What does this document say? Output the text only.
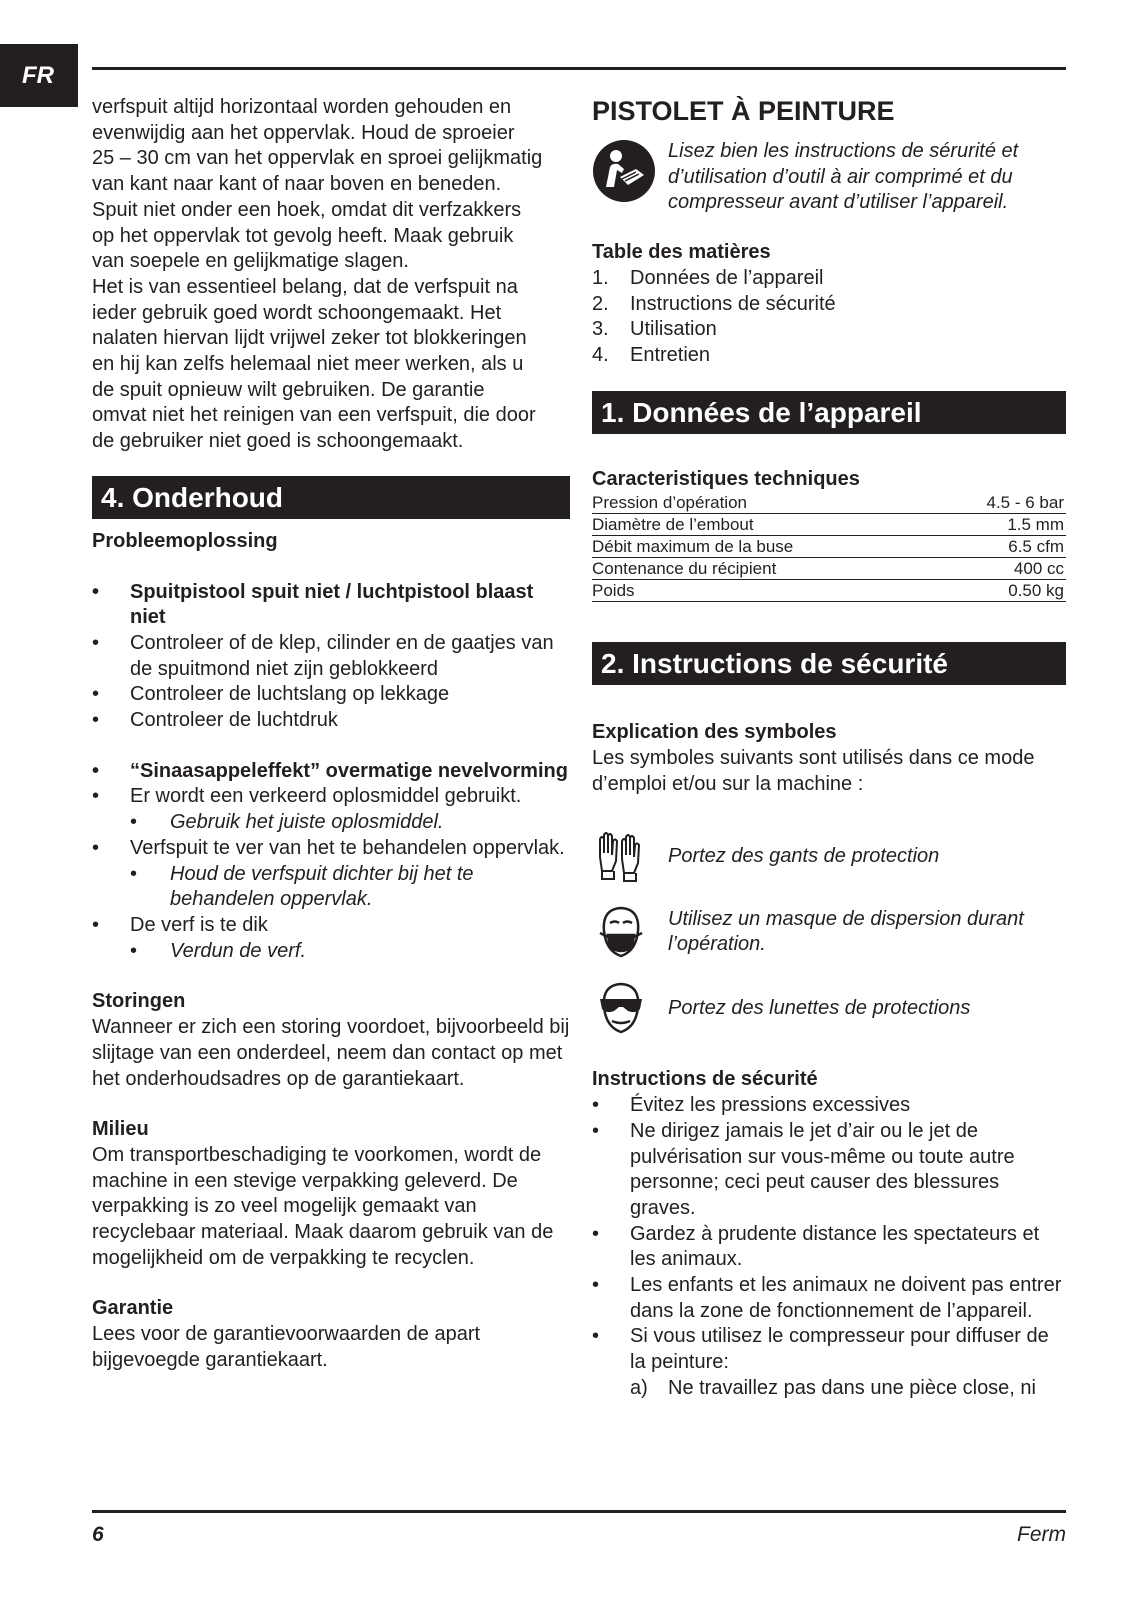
FR

verfspuit altijd horizontaal worden gehouden en
evenwijdig aan het oppervlak. Houd de sproeier
25 – 30 cm van het oppervlak en sproei gelijkmatig
van kant naar kant of naar boven en beneden.
Spuit niet onder een hoek, omdat dit verfzakkers
op het oppervlak tot gevolg heeft. Maak gebruik
van soepele en gelijkmatige slagen.
Het is van essentieel belang, dat de verfspuit na
ieder gebruik goed wordt schoongemaakt. Het
nalaten hiervan lijdt vrijwel zeker tot blokkeringen
en hij kan zelfs helemaal niet meer werken, als u
de spuit opnieuw wilt gebruiken. De garantie
omvat niet het reinigen van een verfspuit, die door
de gebruiker niet goed is schoongemaakt.

4. Onderhoud

Probleemoplossing

• Spuitpistool spuit niet / luchtpistool blaast niet
• Controleer of de klep, cilinder en de gaatjes van de spuitmond niet zijn geblokkeerd
• Controleer de luchtslang op lekkage
• Controleer de luchtdruk
• “Sinaasappeleffekt” overmatige nevelvorming
• Er wordt een verkeerd oplosmiddel gebruikt.
• Gebruik het juiste oplosmiddel.
• Verfspuit te ver van het te behandelen oppervlak.
• Houd de verfspuit dichter bij het te behandelen oppervlak.
• De verf is te dik
• Verdun de verf.

Storingen

Wanneer er zich een storing voordoet, bijvoorbeeld bij slijtage van een onderdeel, neem dan contact op met het onderhoudsadres op de garantiekaart.

Milieu

Om transportbeschadiging te voorkomen, wordt de machine in een stevige verpakking geleverd. De verpakking is zo veel mogelijk gemaakt van recyclebaar materiaal. Maak daarom gebruik van de mogelijkheid om de verpakking te recyclen.

Garantie

Lees voor de garantievoorwaarden de apart bijgevoegde garantiekaart.

PISTOLET À PEINTURE

Lisez bien les instructions de sérurité et d’utilisation d’outil à air comprimé et du compresseur avant d’utiliser l’appareil.

Table des matières

1. Données de l’appareil
2. Instructions de sécurité
3. Utilisation
4. Entretien
1. Données de l’appareil

Caracteristiques techniques

Pression d’opération	4.5 - 6 bar
Diamètre de l’embout	1.5 mm
Débit maximum de la buse	6.5 cfm
Contenance du récipient	400 cc
Poids	0.50 kg
2. Instructions de sécurité

Explication des symboles

Les symboles suivants sont utilisés dans ce mode d’emploi et/ou sur la machine :

Portez des gants de protection

Utilisez un masque de dispersion durant l’opération.

Portez des lunettes de protections

Instructions de sécurité

• Évitez les pressions excessives
• Ne dirigez jamais le jet d’air ou le jet de pulvérisation sur vous-même ou toute autre personne; ceci peut causer des blessures graves.
• Gardez à prudente distance les spectateurs et les animaux.
• Les enfants et les animaux ne doivent pas entrer dans la zone de fonctionnement de l’appareil.
• Si vous utilisez le compresseur pour diffuser de la peinture:
a) Ne travaillez pas dans une pièce close, ni
6	Ferm
